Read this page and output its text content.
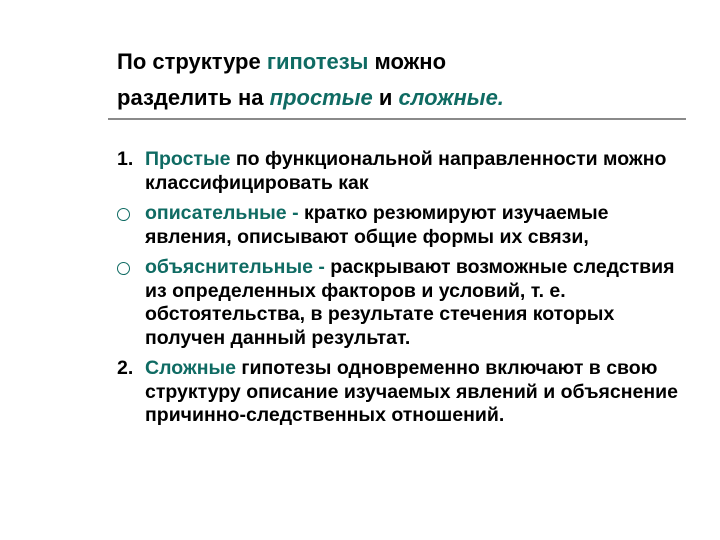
По структуре гипотезы можно
разделить на простые и сложные.
1. Простые по функциональной направленности можно классифицировать как
описательные - кратко резюмируют изучаемые явления, описывают общие формы их связи,
объяснительные - раскрывают возможные следствия из определенных факторов и условий, т. е. обстоятельства, в результате стечения которых получен данный результат.
2. Сложные гипотезы одновременно включают в свою структуру описание изучаемых явлений и объяснение причинно-следственных отношений.
